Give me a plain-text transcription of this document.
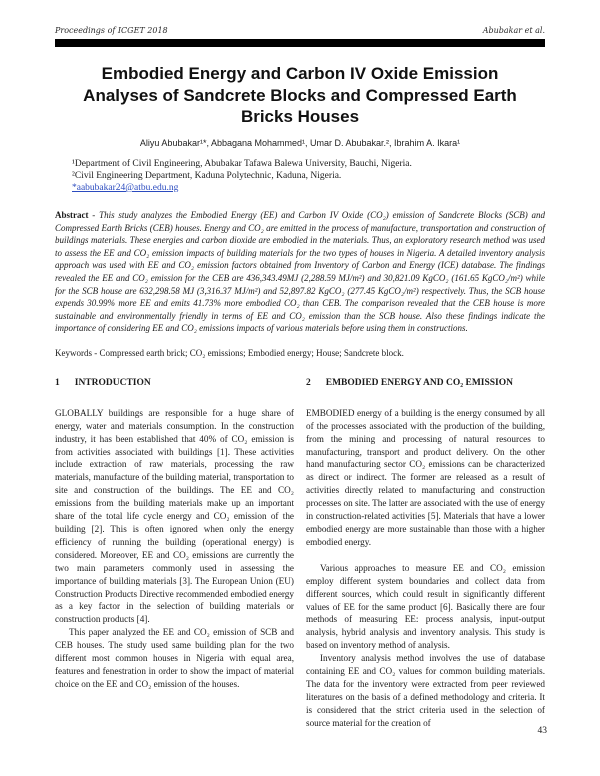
Proceedings of ICGET 2018	Abubakar et al.
Embodied Energy and Carbon IV Oxide Emission
Analyses of Sandcrete Blocks and Compressed Earth Bricks Houses
Aliyu Abubakar¹*, Abbagana Mohammed¹, Umar D. Abubakar.², Ibrahim A. Ikara¹
¹Department of Civil Engineering, Abubakar Tafawa Balewa University, Bauchi, Nigeria.
²Civil Engineering Department, Kaduna Polytechnic, Kaduna, Nigeria.
*aabubakar24@atbu.edu.ng
Abstract - This study analyzes the Embodied Energy (EE) and Carbon IV Oxide (CO₂) emission of Sandcrete Blocks (SCB) and Compressed Earth Bricks (CEB) houses. Energy and CO₂ are emitted in the process of manufacture, transportation and construction of buildings materials. These energies and carbon dioxide are embodied in the materials. Thus, an exploratory research method was used to assess the EE and CO₂ emission impacts of building materials for the two types of houses in Nigeria. A detailed inventory analysis approach was used with EE and CO₂ emission factors obtained from Inventory of Carbon and Energy (ICE) database. The findings revealed the EE and CO₂ emission for the CEB are 436,343.49MJ (2,288.59 MJ/m²) and 30,821.09 KgCO₂ (161.65 KgCO₂/m²) while for the SCB house are 632,298.58 MJ (3,316.37 MJ/m²) and 52,897.82 KgCO₂ (277.45 KgCO₂/m²) respectively. Thus, the SCB house expends 30.99% more EE and emits 41.73% more embodied CO₂ than CEB. The comparison revealed that the CEB house is more sustainable and environmentally friendly in terms of EE and CO₂ emission than the SCB house. Also these findings indicate the importance of considering EE and CO₂ emissions impacts of various materials before using them in constructions.
Keywords - Compressed earth brick; CO₂ emissions; Embodied energy; House; Sandcrete block.
1 INTRODUCTION

GLOBALLY buildings are responsible for a huge share of energy, water and materials consumption. In the construction industry, it has been established that 40% of CO₂ emission is from activities associated with buildings [1]. These activities include extraction of raw materials, processing the raw materials, manufacture of the building material, transportation to site and construction of the buildings. The EE and CO₂ emissions from the building materials make up an important share of the total life cycle energy and CO₂ emission of the building [2]. This is often ignored when only the energy efficiency of running the building (operational energy) is considered. Moreover, EE and CO₂ emissions are currently the two main parameters commonly used in assessing the importance of building materials [3]. The European Union (EU) Construction Products Directive recommended embodied energy as a key factor in the selection of building materials or construction products [4].

This paper analyzed the EE and CO₂ emission of SCB and CEB houses. The study used same building plan for the two different most common houses in Nigeria with equal area, features and fenestration in order to show the impact of material choice on the EE and CO₂ emission of the houses.

2 EMBODIED ENERGY AND CO₂ EMISSION

EMBODIED energy of a building is the energy consumed by all of the processes associated with the production of the building, from the mining and processing of natural resources to manufacturing, transport and product delivery. On the other hand manufacturing sector CO₂ emissions can be characterized as direct or indirect. The former are released as a result of activities directly related to manufacturing and construction processes on site. The latter are associated with the use of energy in construction-related activities [5]. Materials that have a lower embodied energy are more sustainable than those with a higher embodied energy.

Various approaches to measure EE and CO₂ emission employ different system boundaries and collect data from different sources, which could result in significantly different values of EE for the same product [6]. Basically there are four methods of measuring EE: process analysis, input-output analysis, hybrid analysis and inventory analysis. This study is based on inventory method of analysis.

Inventory analysis method involves the use of database containing EE and CO₂ values for common building materials. The data for the inventory were extracted from peer reviewed literatures on the basis of a defined methodology and criteria. It is considered that the strict criteria used in the selection of source material for the creation of

43
